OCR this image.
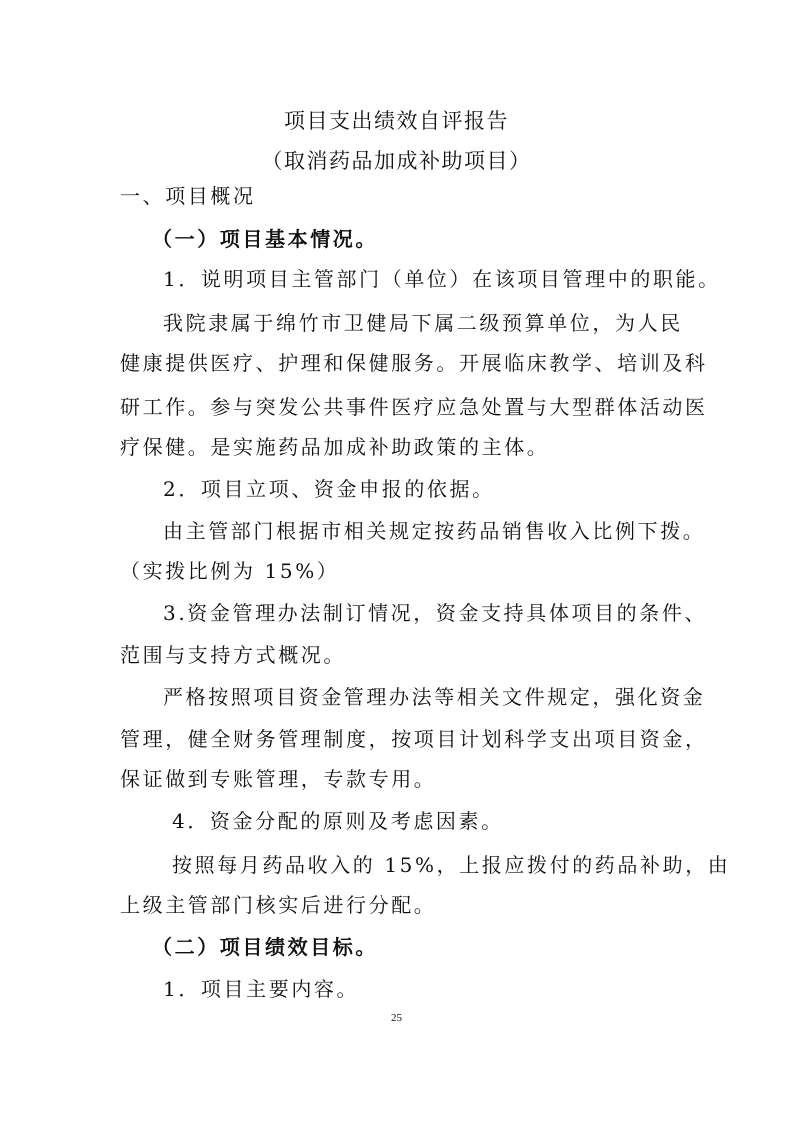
项目支出绩效自评报告
（取消药品加成补助项目）
一、项目概况
（一）项目基本情况。
1．说明项目主管部门（单位）在该项目管理中的职能。
我院隶属于绵竹市卫健局下属二级预算单位，为人民
健康提供医疗、护理和保健服务。开展临床教学、培训及科
研工作。参与突发公共事件医疗应急处置与大型群体活动医
疗保健。是实施药品加成补助政策的主体。
2．项目立项、资金申报的依据。
由主管部门根据市相关规定按药品销售收入比例下拨。
（实拨比例为 15%）
3.资金管理办法制订情况，资金支持具体项目的条件、
范围与支持方式概况。
严格按照项目资金管理办法等相关文件规定，强化资金
管理，健全财务管理制度，按项目计划科学支出项目资金，
保证做到专账管理，专款专用。
4．资金分配的原则及考虑因素。
按照每月药品收入的 15%，上报应拨付的药品补助，由
上级主管部门核实后进行分配。
（二）项目绩效目标。
1．项目主要内容。
25
